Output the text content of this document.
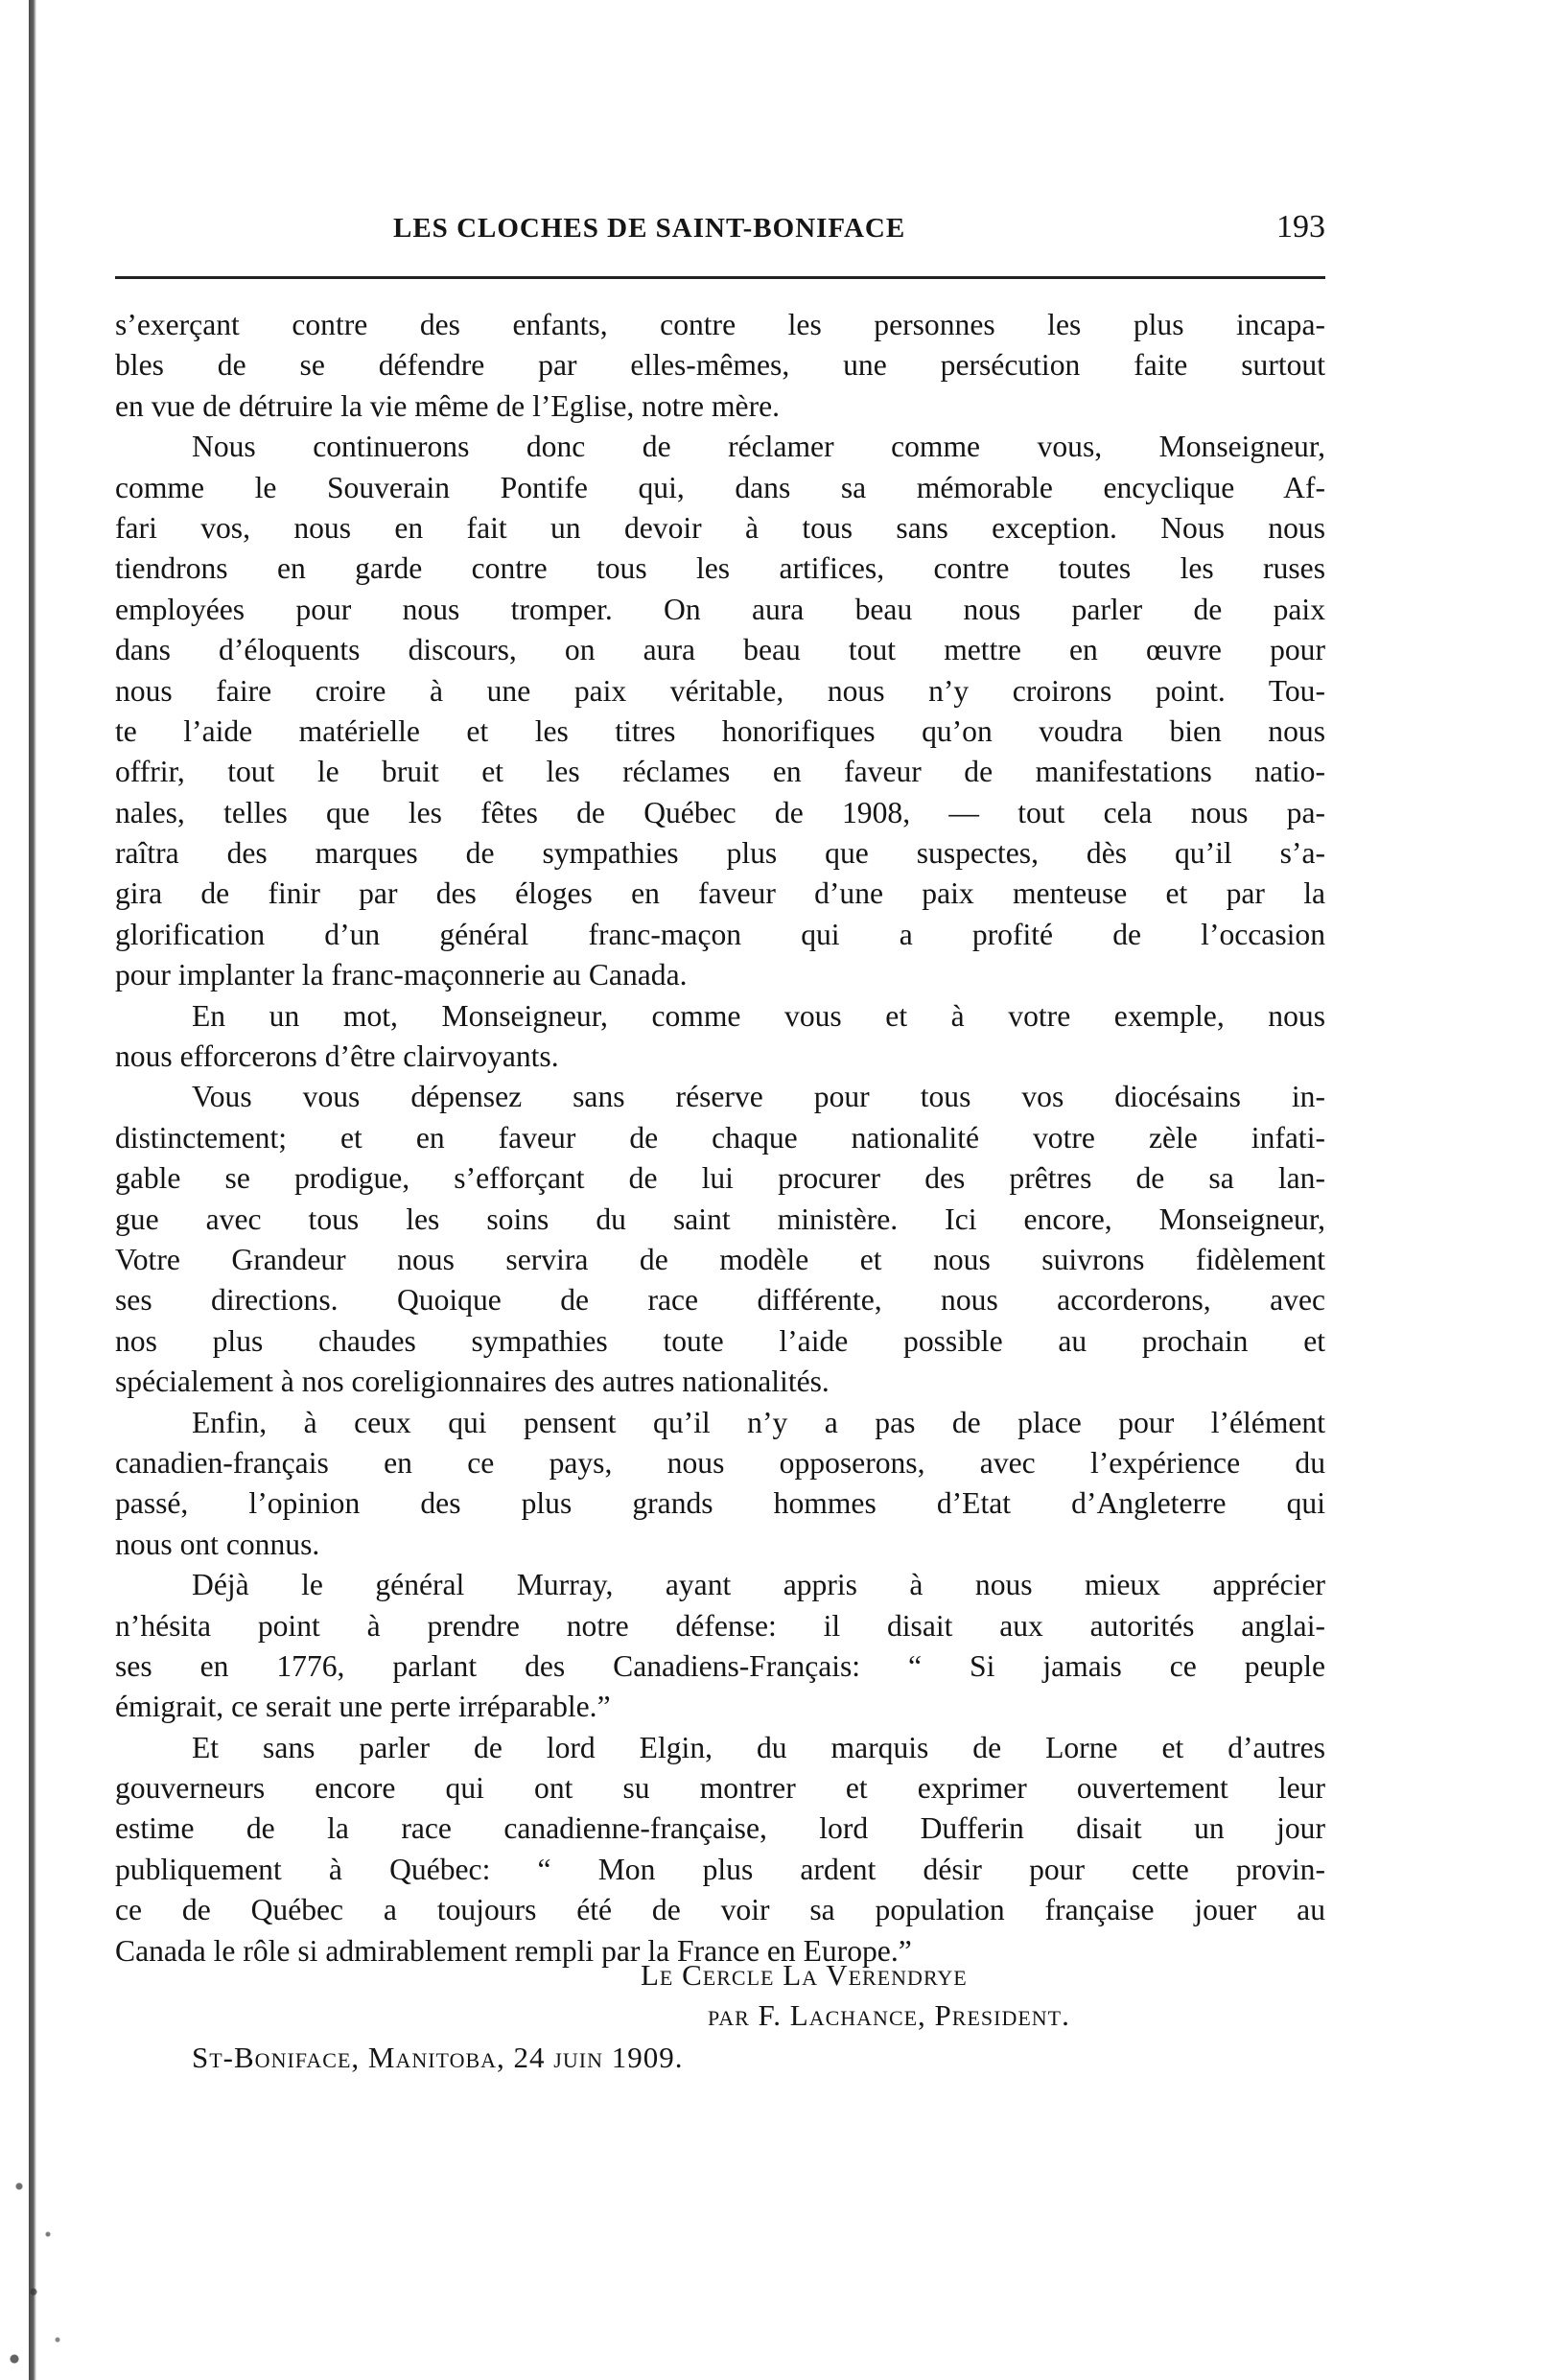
LES CLOCHES DE SAINT-BONIFACE	193
s’exerçant contre des enfants, contre les personnes les plus incapa-
bles de se défendre par elles-mêmes, une persécution faite surtout
en vue de détruire la vie même de l’Eglise, notre mère.
Nous continuerons donc de réclamer comme vous, Monseigneur,
comme le Souverain Pontife qui, dans sa mémorable encyclique Af-
fari vos, nous en fait un devoir à tous sans exception. Nous nous
tiendrons en garde contre tous les artifices, contre toutes les ruses
employées pour nous tromper. On aura beau nous parler de paix
dans d’éloquents discours, on aura beau tout mettre en œuvre pour
nous faire croire à une paix véritable, nous n’y croirons point. Tou-
te l’aide matérielle et les titres honorifiques qu’on voudra bien nous
offrir, tout le bruit et les réclames en faveur de manifestations natio-
nales, telles que les fêtes de Québec de 1908, — tout cela nous pa-
raîtra des marques de sympathies plus que suspectes, dès qu’il s’a-
gira de finir par des éloges en faveur d’une paix menteuse et par la
glorification d’un général franc-maçon qui a profité de l’occasion
pour implanter la franc-maçonnerie au Canada.
En un mot, Monseigneur, comme vous et à votre exemple, nous
nous efforcerons d’être clairvoyants.
Vous vous dépensez sans réserve pour tous vos diocésains in-
distinctement; et en faveur de chaque nationalité votre zèle infati-
gable se prodigue, s’efforçant de lui procurer des prêtres de sa lan-
gue avec tous les soins du saint ministère. Ici encore, Monseigneur,
Votre Grandeur nous servira de modèle et nous suivrons fidèlement
ses directions. Quoique de race différente, nous accorderons, avec
nos plus chaudes sympathies toute l’aide possible au prochain et
spécialement à nos coreligionnaires des autres nationalités.
Enfin, à ceux qui pensent qu’il n’y a pas de place pour l’élément
canadien-français en ce pays, nous opposerons, avec l’expérience du
passé, l’opinion des plus grands hommes d’Etat d’Angleterre qui
nous ont connus.
Déjà le général Murray, ayant appris à nous mieux apprécier
n’hésita point à prendre notre défense: il disait aux autorités anglai-
ses en 1776, parlant des Canadiens-Français: “ Si jamais ce peuple
émigrait, ce serait une perte irréparable.”
Et sans parler de lord Elgin, du marquis de Lorne et d’autres
gouverneurs encore qui ont su montrer et exprimer ouvertement leur
estime de la race canadienne-française, lord Dufferin disait un jour
publiquement à Québec: “ Mon plus ardent désir pour cette provin-
ce de Québec a toujours été de voir sa population française jouer au
Canada le rôle si admirablement rempli par la France en Europe.”
Le Cercle La Verendrye
par F. Lachance, President.
St-Boniface, Manitoba, 24 juin 1909.
